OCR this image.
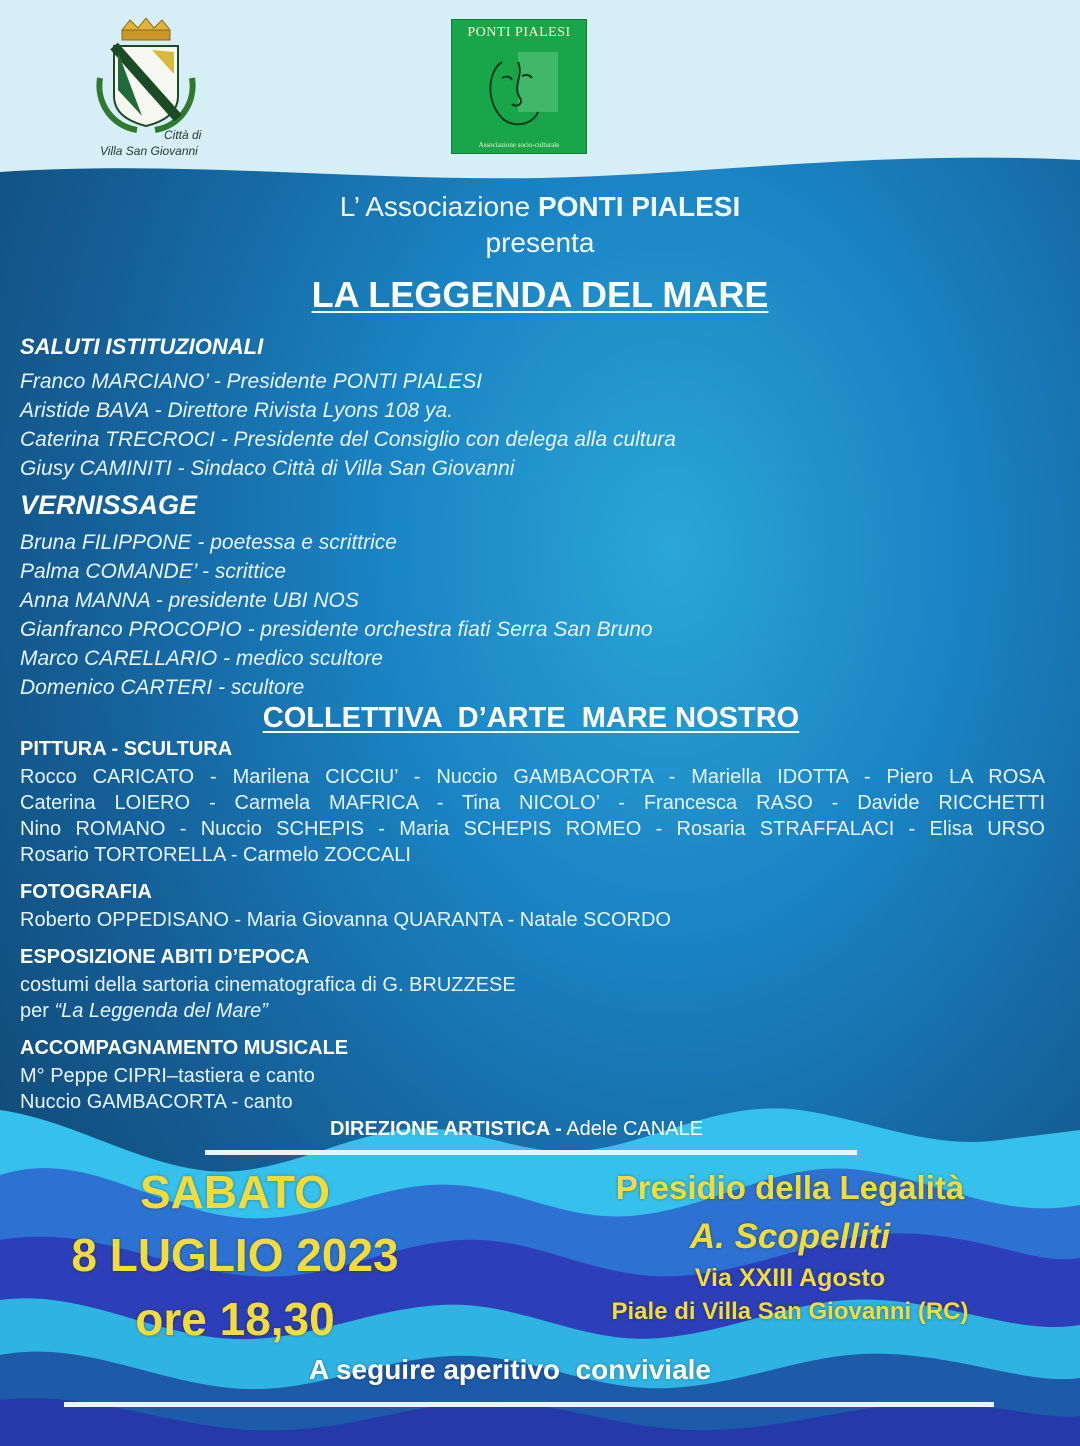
Città di
Villa San Giovanni
PONTI PIALESI
Associazione socio-culturale
L’ Associazione PONTI PIALESI
presenta
LA LEGGENDA DEL MARE
SALUTI ISTITUZIONALI
Franco MARCIANO’ - Presidente PONTI PIALESI
Aristide BAVA - Direttore Rivista Lyons 108 ya.
Caterina TRECROCI - Presidente del Consiglio con delega alla cultura
Giusy CAMINITI - Sindaco Città di Villa San Giovanni
VERNISSAGE
Bruna FILIPPONE - poetessa e scrittrice
Palma COMANDE’ - scrittice
Anna MANNA - presidente UBI NOS
Gianfranco PROCOPIO - presidente orchestra fiati Serra San Bruno
Marco CARELLARIO - medico scultore
Domenico CARTERI - scultore
COLLETTIVA  D’ARTE  MARE NOSTRO
PITTURA - SCULTURA
Rocco CARICATO - Marilena CICCIU’ - Nuccio GAMBACORTA - Mariella IDOTTA - Piero LA ROSA
Caterina LOIERO - Carmela MAFRICA - Tina NICOLO’ - Francesca RASO - Davide RICCHETTI
Nino ROMANO - Nuccio SCHEPIS - Maria SCHEPIS ROMEO - Rosaria STRAFFALACI - Elisa URSO
Rosario TORTORELLA - Carmelo ZOCCALI
FOTOGRAFIA
Roberto OPPEDISANO - Maria Giovanna QUARANTA - Natale SCORDO
ESPOSIZIONE ABITI D’EPOCA
costumi della sartoria cinematografica di G. BRUZZESE
per “La Leggenda del Mare”
ACCOMPAGNAMENTO MUSICALE
M° Peppe CIPRI–tastiera e canto
Nuccio GAMBACORTA - canto
DIREZIONE ARTISTICA - Adele CANALE
SABATO
8 LUGLIO 2023
ore 18,30
Presidio della Legalità
A. Scopelliti
Via XXIII Agosto
Piale di Villa San Giovanni (RC)
A seguire aperitivo  conviviale
